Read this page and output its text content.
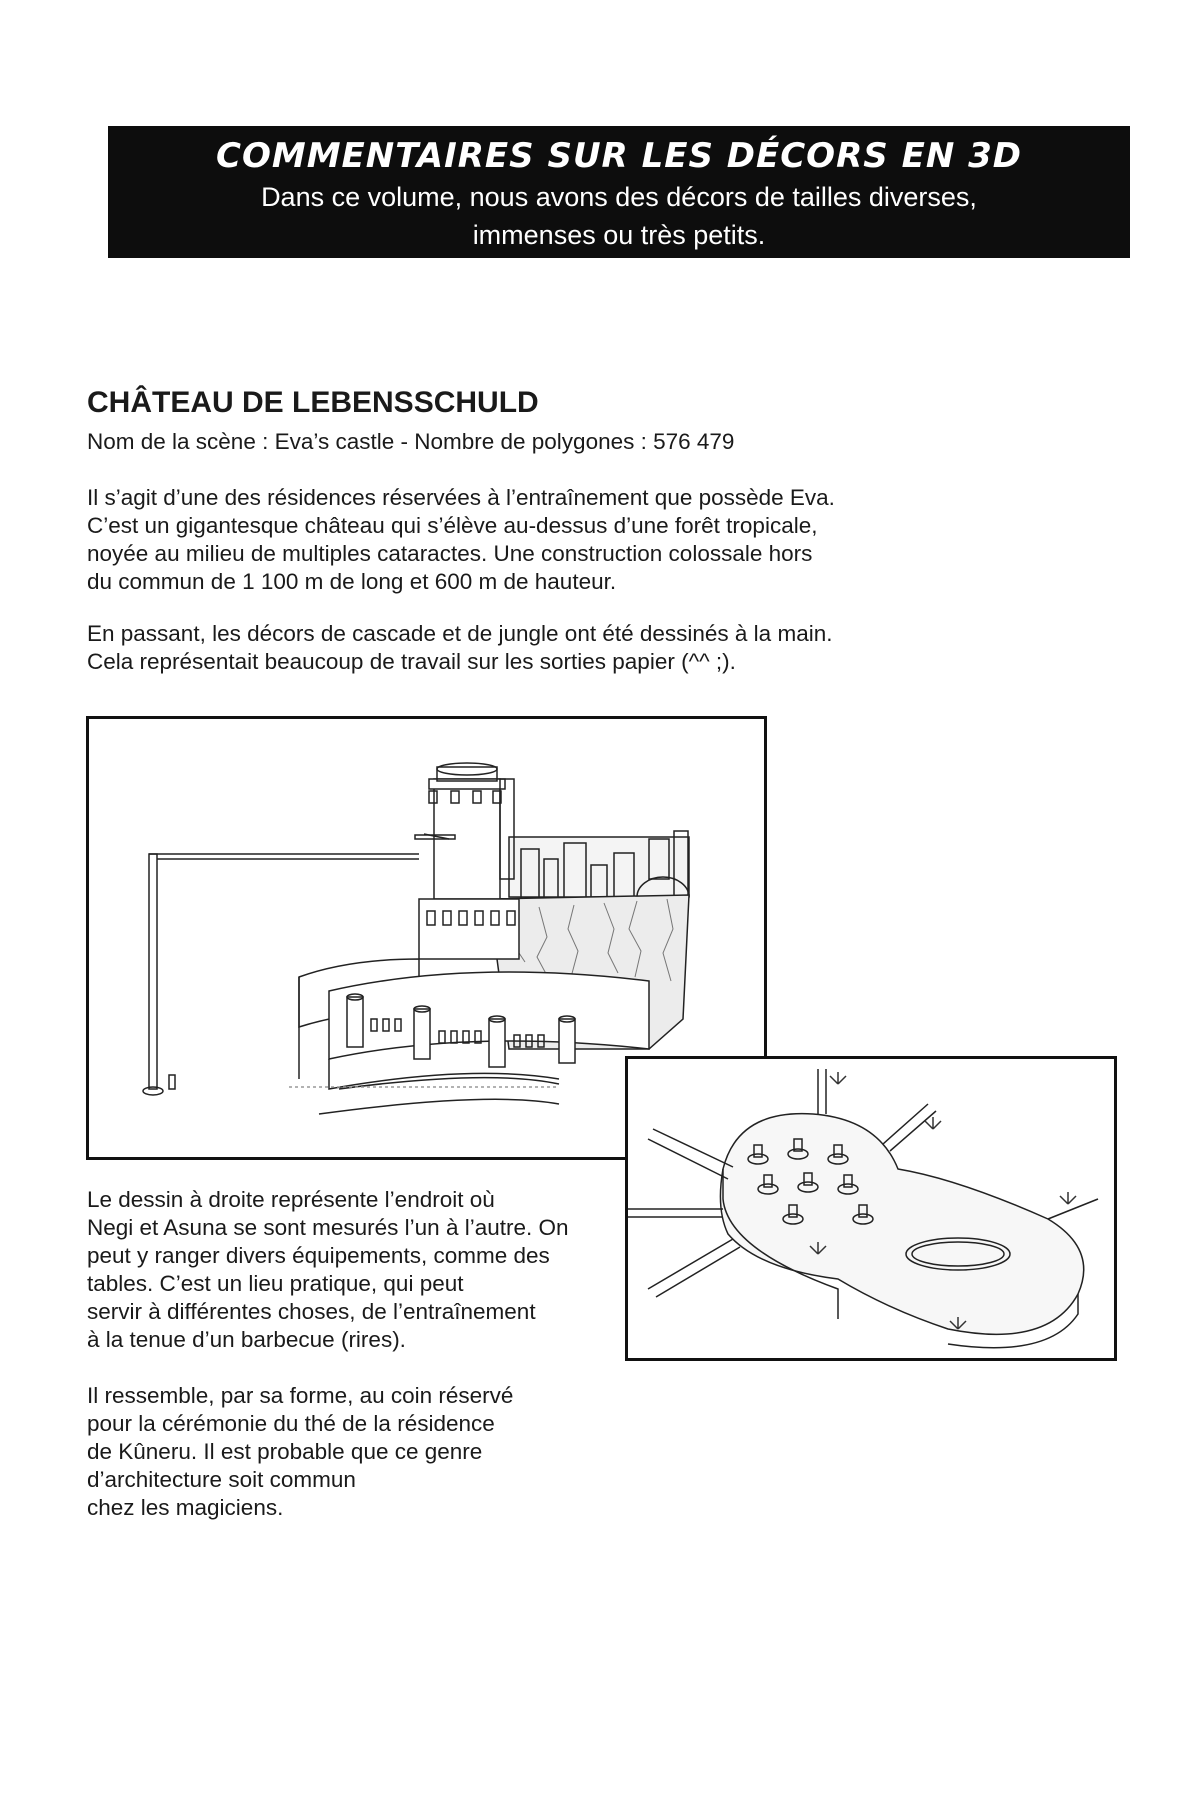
COMMENTAIRES SUR LES DÉCORS EN 3D
Dans ce volume, nous avons des décors de tailles diverses,
immenses ou très petits.
CHÂTEAU DE LEBENSSCHULD
Nom de la scène : Eva’s castle - Nombre de polygones : 576 479
Il s’agit d’une des résidences réservées à l’entraînement que possède Eva.
C’est un gigantesque château qui s’élève au-dessus d’une forêt tropicale,
noyée au milieu de multiples cataractes. Une construction colossale hors
du commun de 1 100 m de long et 600 m de hauteur.
En passant, les décors de cascade et de jungle ont été dessinés à la main.
Cela représentait beaucoup de travail sur les sorties papier (^^ ;).
Le dessin à droite représente l’endroit où
Negi et Asuna se sont mesurés l’un à l’autre. On
peut y ranger divers équipements, comme des
tables. C’est un lieu pratique, qui peut
servir à différentes choses, de l’entraînement
à la tenue d’un barbecue (rires).
Il ressemble, par sa forme, au coin réservé
pour la cérémonie du thé de la résidence
de Kûneru. Il est probable que ce genre
d’architecture soit commun
chez les magiciens.
